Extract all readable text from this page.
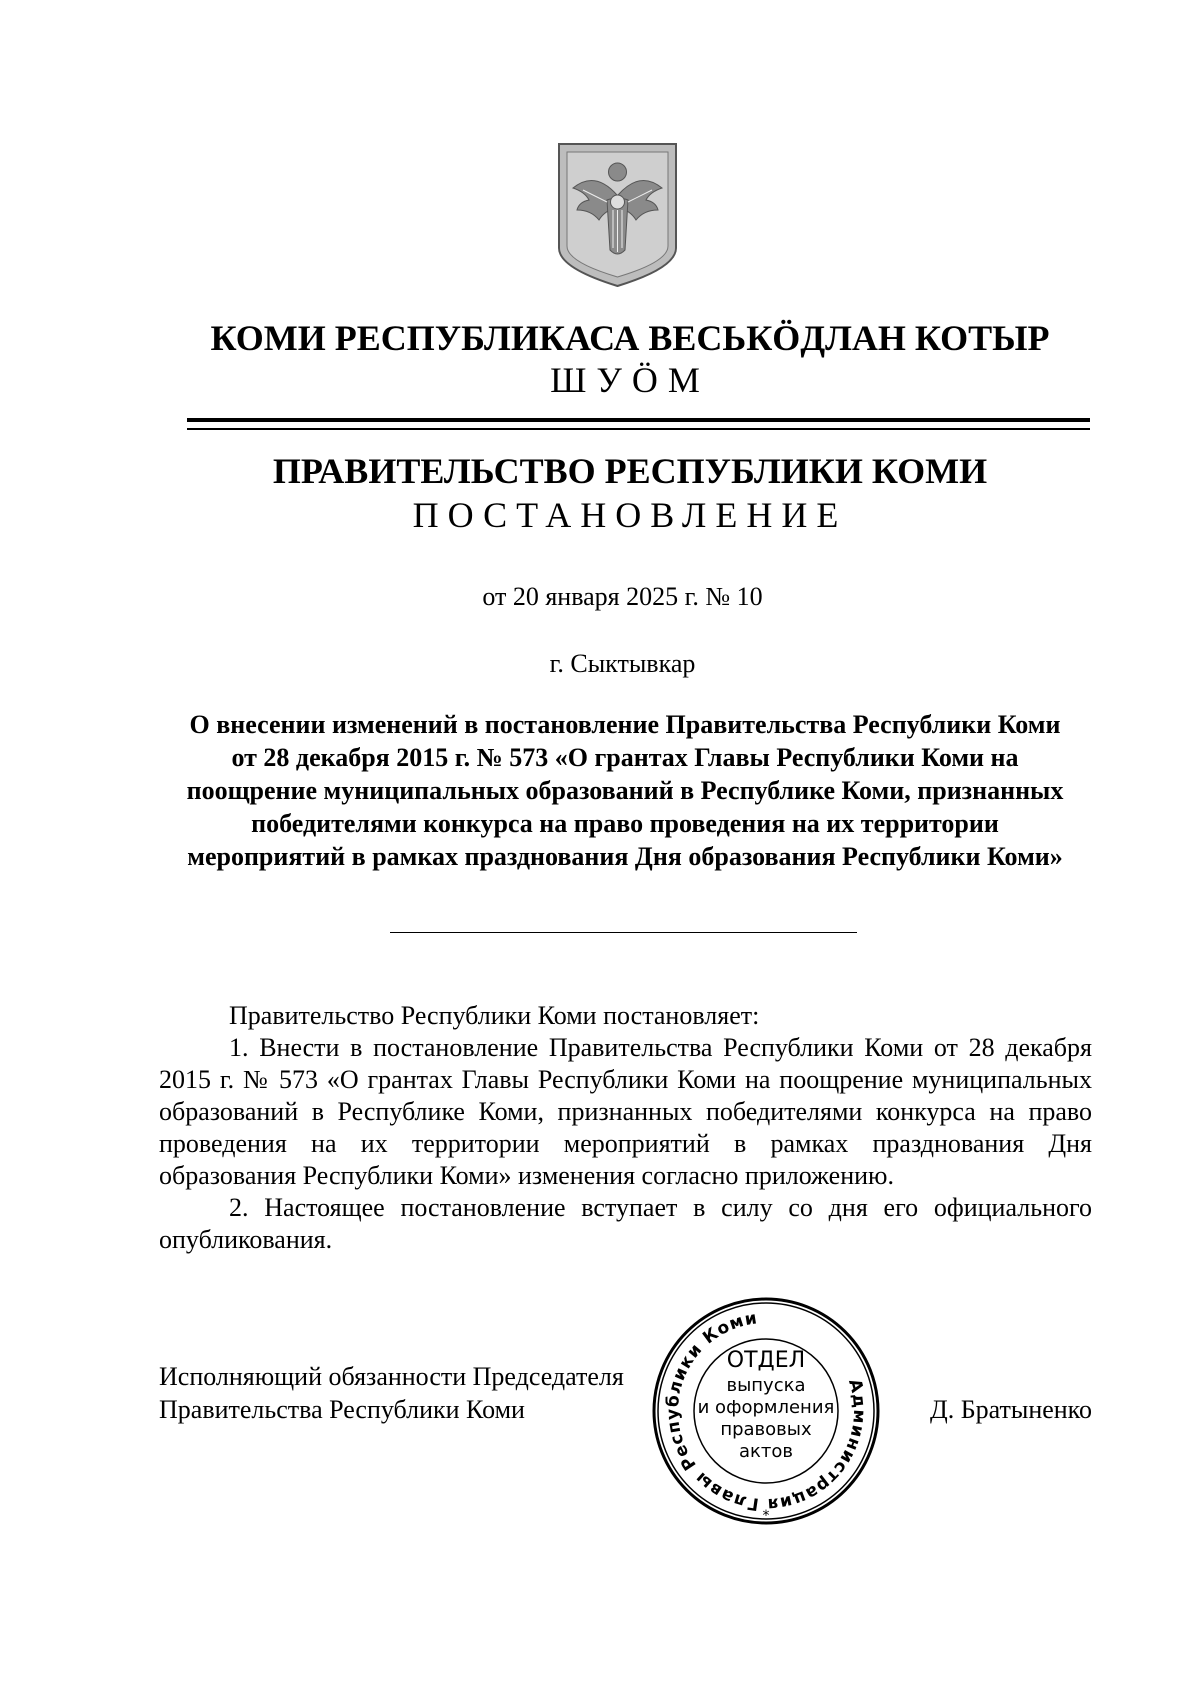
КОМИ РЕСПУБЛИКАСА ВЕСЬКӦДЛАН КОТЫР
ШУӦМ
ПРАВИТЕЛЬСТВО РЕСПУБЛИКИ КОМИ
ПОСТАНОВЛЕНИЕ
от 20 января 2025 г. № 10
г. Сыктывкар
О внесении изменений в постановление Правительства Республики Коми от 28 декабря 2015 г. № 573 «О грантах Главы Республики Коми на поощрение муниципальных образований в Республике Коми, признанных победителями конкурса на право проведения на их территории мероприятий в рамках празднования Дня образования Республики Коми»

Правительство Республики Коми постановляет:

1. Внести в постановление Правительства Республики Коми от 28 декабря 2015 г. № 573 «О грантах Главы Республики Коми на поощрение муниципальных образований в Республике Коми, признанных победителями конкурса на право проведения на их территории мероприятий в рамках празднования Дня образования Республики Коми» изменения согласно приложению.

2. Настоящее постановление вступает в силу со дня его официального опубликования.

Исполняющий обязанности Председателя
Правительства Республики Коми	Д. Братыненко
Администрация Главы Республики Коми
*
ОТДЕЛ
выпуска
и оформления
правовых
актов
